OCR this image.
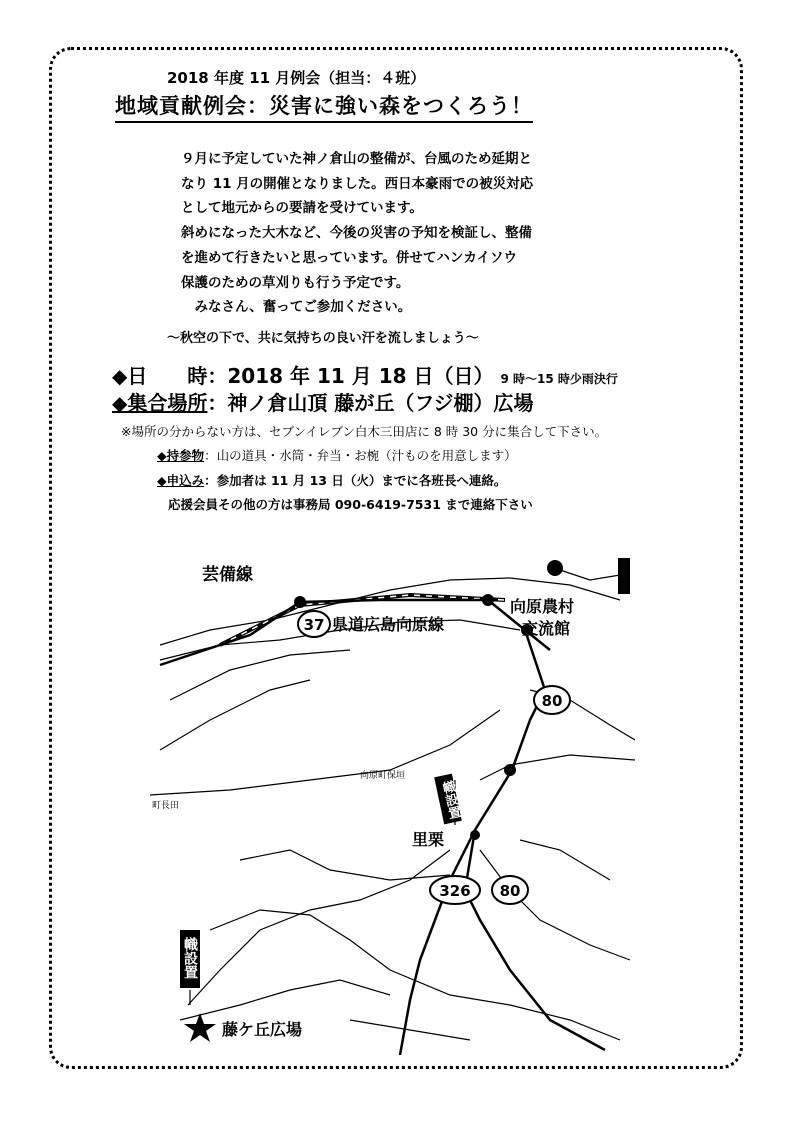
2018 年度 11 月例会（担当：４班）
地域貢献例会：災害に強い森をつくろう！
９月に予定していた神ノ倉山の整備が、台風のため延期と
なり 11 月の開催となりました。西日本豪雨での被災対応
として地元からの要請を受けています。
斜めになった大木など、今後の災害の予知を検証し、整備
を進めて行きたいと思っています。併せてハンカイソウ
保護のための草刈りも行う予定です。
　みなさん、奮ってご参加ください。
～秋空の下で、共に気持ちの良い汗を流しましょう～
◆日　　時：2018 年 11 月 18 日（日） 9 時～15 時少雨決行
◆集合場所：神ノ倉山頂 藤が丘（フジ棚）広場
※場所の分からない方は、セブンイレブン白木三田店に 8 時 30 分に集合して下さい。
◆持参物：山の道具・水筒・弁当・お椀（汁ものを用意します）
◆申込み：参加者は 11 月 13 日（火）までに各班長へ連絡。
応援会員その他の方は事務局 090-6419-7531 まで連絡下さい
37 県道広島向原線
芸備線
向原農村
交流館
80
80
326
里栗
向原町保垣
町長田	幟設置
幟設置
藤ケ丘広場
